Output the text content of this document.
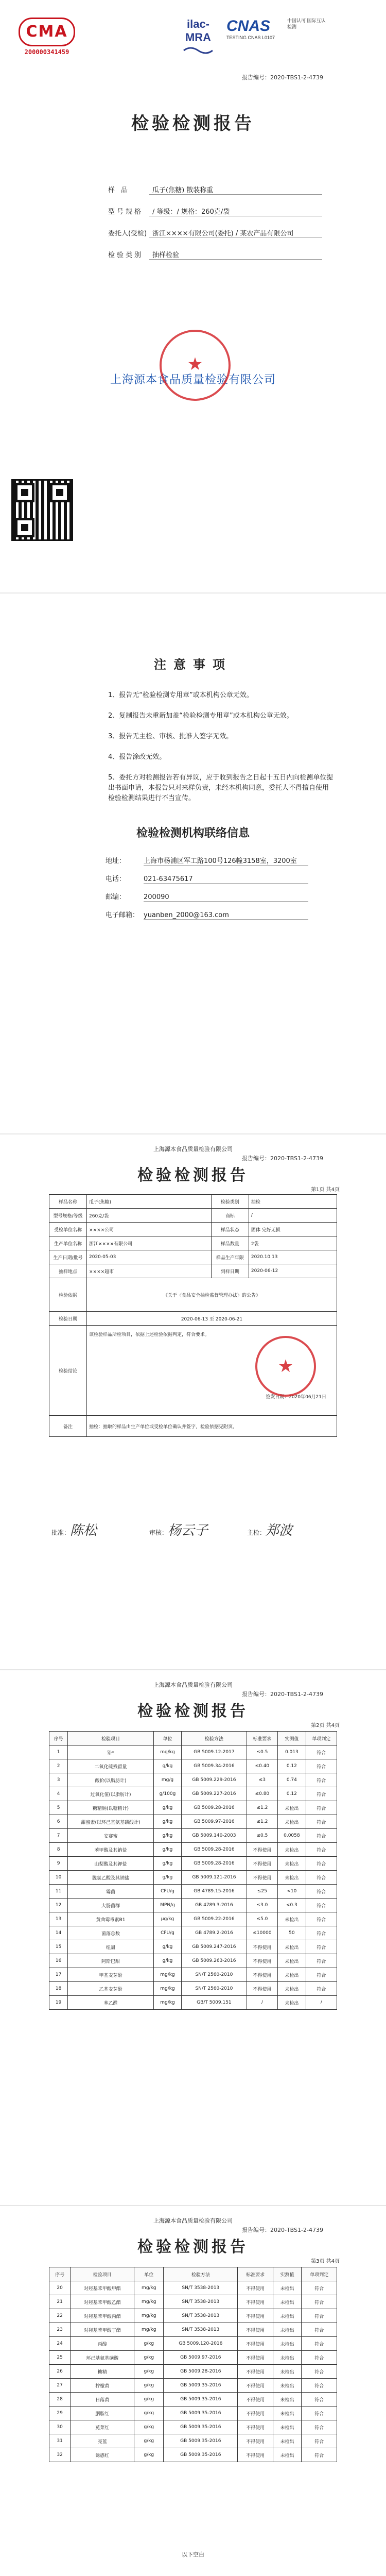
CMA
200000341459
ilac-MRA
CNAS
TESTING CNAS L0107
中国认可 国际互认 检测
报告编号：2020-TBS1-2-4739
检验检测报告
样 品	瓜子(焦糖) 散装称重
型号规格 / 等级：/ 规格：260克/袋
委托人(受检) 浙江××××有限公司(委托) / 某农产品有限公司
检验类别 抽样检验
上海源本食品质量检验有限公司
★
注意事项
1、报告无“检验检测专用章”或本机构公章无效。
2、复制报告未重新加盖“检验检测专用章”或本机构公章无效。
3、报告无主检、审核、批准人签字无效。
4、报告涂改无效。
5、委托方对检测报告若有异议，应于收到报告之日起十五日内向检测单位提出书面申请，本报告只对来样负责，未经本机构同意，委托人不得擅自使用检验检测结果进行不当宣传。
检验检测机构联络信息
地址：	上海市杨浦区军工路100号126幢3158室，3200室
电话：	021-63475617
邮编：	200090
电子邮箱： yuanben_2000@163.com
上海源本食品质量检验有限公司
报告编号：2020-TBS1-2-4739
检验检测报告
第1页 共4页
样品名称	瓜子(焦糖)	检验类别	抽检
型号规格/等级	260克/袋	商标	/
受检单位名称	××××公司	样品状态	固体 完好无损
生产单位名称	浙江××××有限公司	样品数量	2袋
生产日期/批号	2020-05-03	样品生产年限	2020.10.13
抽样地点	××××超市	到样日期	2020-06-12
检验依据	《关于〈食品安全抽检监督管理办法〉的公告》		
检验日期	2020-06-13 至 2020-06-21		
检验结论	该检验样品所检项目，依据上述检验依据判定，符合要求。
签发日期：2020年06月21日
★		

备注	抽检：抽取的样品由生产单位或受检单位确认并签字，检验依据见附页。		
批准：陈松	审核：杨云子	主检：郑波
上海源本食品质量检验有限公司
报告编号：2020-TBS1-2-4739
检验检测报告
第2页 共4页
序号	检验项目	单位	检验方法	标准要求	实测值	单项判定
1	铅*	mg/kg	GB 5009.12-2017	≤0.5	0.013	符合
2	二氧化硫残留量	g/kg	GB 5009.34-2016	≤0.40	0.12	符合
3	酸价(以脂肪计)	mg/g	GB 5009.229-2016	≤3	0.74	符合
4	过氧化值(以脂肪计)	g/100g	GB 5009.227-2016	≤0.80	0.12	符合
5	糖精钠(以糖精计)	g/kg	GB 5009.28-2016	≤1.2	未检出	符合
6	甜蜜素(以环己基氨基磺酸计)	g/kg	GB 5009.97-2016	≤1.2	未检出	符合
7	安赛蜜	g/kg	GB 5009.140-2003	≤0.5	0.0058	符合
8	苯甲酸及其钠盐	g/kg	GB 5009.28-2016	不得使用	未检出	符合
9	山梨酸及其钾盐	g/kg	GB 5009.28-2016	不得使用	未检出	符合
10	脱氢乙酸及其钠盐	g/kg	GB 5009.121-2016	不得使用	未检出	符合
11	霉菌	CFU/g	GB 4789.15-2016	≤25	<10	符合
12	大肠菌群	MPN/g	GB 4789.3-2016	≤3.0	<0.3	符合
13	黄曲霉毒素B1	μg/kg	GB 5009.22-2016	≤5.0	未检出	符合
14	菌落总数	CFU/g	GB 4789.2-2016	≤10000	50	符合
15	纽甜	g/kg	GB 5009.247-2016	不得使用	未检出	符合
16	阿斯巴甜	g/kg	GB 5009.263-2016	不得使用	未检出	符合
17	甲基麦芽酚	mg/kg	SN/T 2560-2010	不得使用	未检出	符合
18	乙基麦芽酚	mg/kg	SN/T 2560-2010	不得使用	未检出	符合
19	苯乙醛	mg/kg	GB/T 5009.151	/	未检出	/
上海源本食品质量检验有限公司
报告编号：2020-TBS1-2-4739
检验检测报告
第3页 共4页
序号	检验项目	单位	检验方法	标准要求	实测值	单项判定
20	对羟基苯甲酸甲酯	mg/kg	SN/T 3538-2013	不得使用	未检出	符合
21	对羟基苯甲酸乙酯	mg/kg	SN/T 3538-2013	不得使用	未检出	符合
22	对羟基苯甲酸丙酯	mg/kg	SN/T 3538-2013	不得使用	未检出	符合
23	对羟基苯甲酸丁酯	mg/kg	SN/T 3538-2013	不得使用	未检出	符合
24	丙酸	g/kg	GB 5009.120-2016	不得使用	未检出	符合
25	环己基氨基磺酸	g/kg	GB 5009.97-2016	不得使用	未检出	符合
26	糖精	g/kg	GB 5009.28-2016	不得使用	未检出	符合
27	柠檬黄	g/kg	GB 5009.35-2016	不得使用	未检出	符合
28	日落黄	g/kg	GB 5009.35-2016	不得使用	未检出	符合
29	胭脂红	g/kg	GB 5009.35-2016	不得使用	未检出	符合
30	苋菜红	g/kg	GB 5009.35-2016	不得使用	未检出	符合
31	亮蓝	g/kg	GB 5009.35-2016	不得使用	未检出	符合
32	诱惑红	g/kg	GB 5009.35-2016	不得使用	未检出	符合
以下空白
